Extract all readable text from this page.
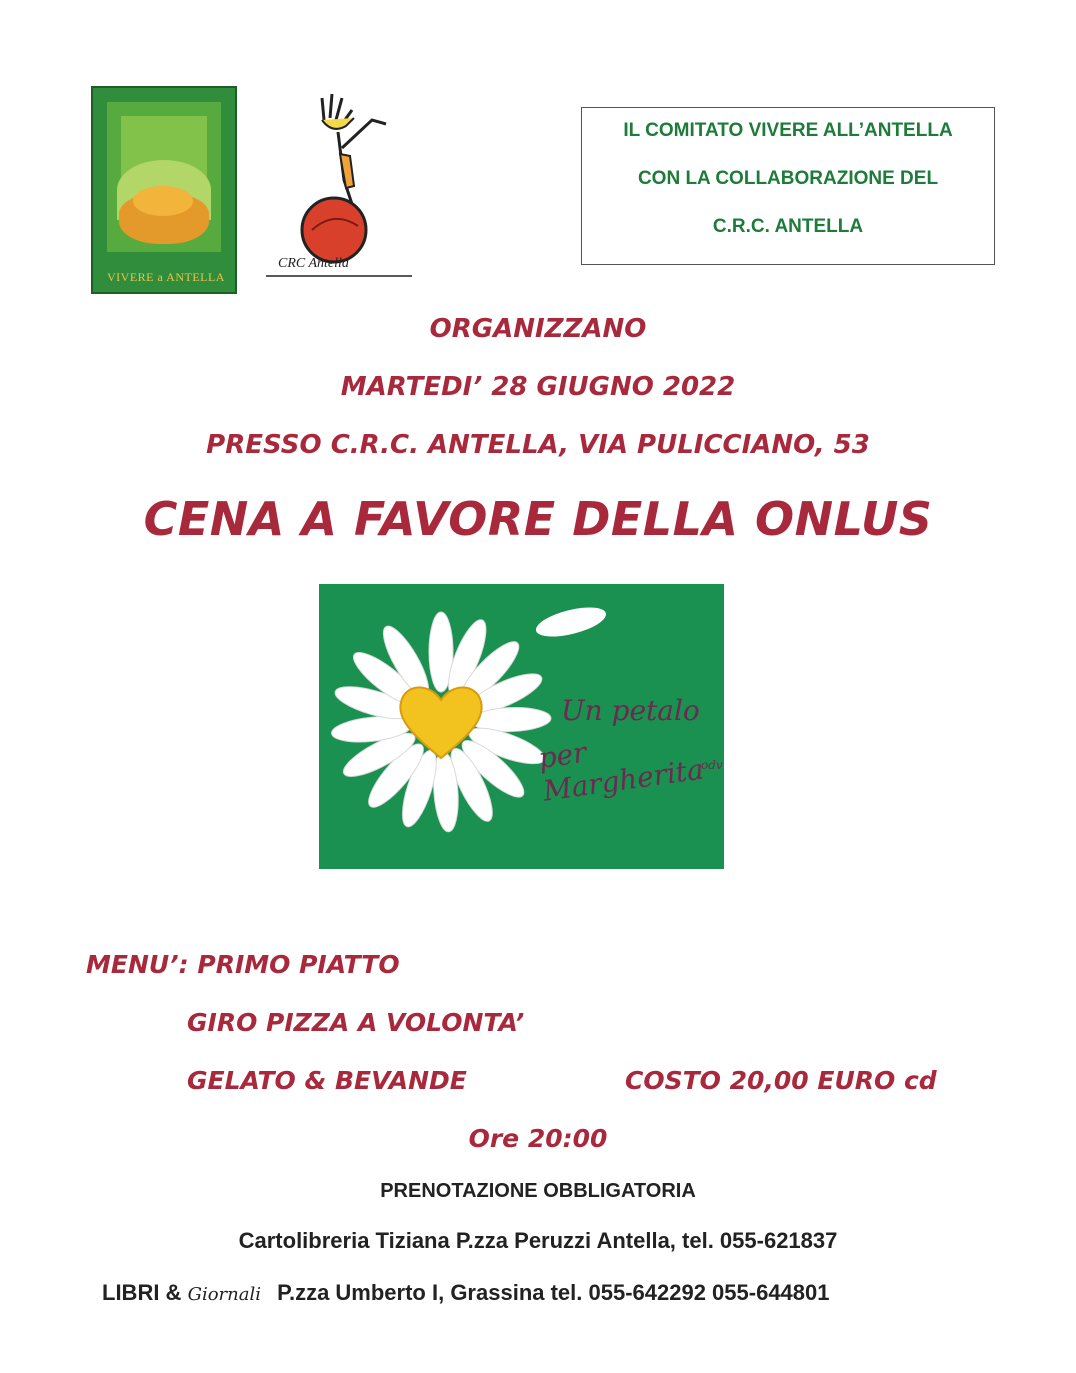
VIVERE a ANTELLA
CRC Antella
IL COMITATO VIVERE ALL’ANTELLA
CON LA COLLABORAZIONE DEL
C.R.C. ANTELLA
ORGANIZZANO
MARTEDI’ 28 GIUGNO 2022
PRESSO C.R.C. ANTELLA, VIA PULICCIANO, 53
CENA A FAVORE DELLA ONLUS
Un petalo
per Margherita
odv
MENU’: PRIMO PIATTO
GIRO PIZZA A VOLONTA’
GELATO & BEVANDE	COSTO 20,00 EURO cd
Ore 20:00
PRENOTAZIONE OBBLIGATORIA
Cartolibreria Tiziana P.zza Peruzzi Antella, tel. 055-621837
LIBRI & Giornali P.zza Umberto I, Grassina tel. 055-642292 055-644801
